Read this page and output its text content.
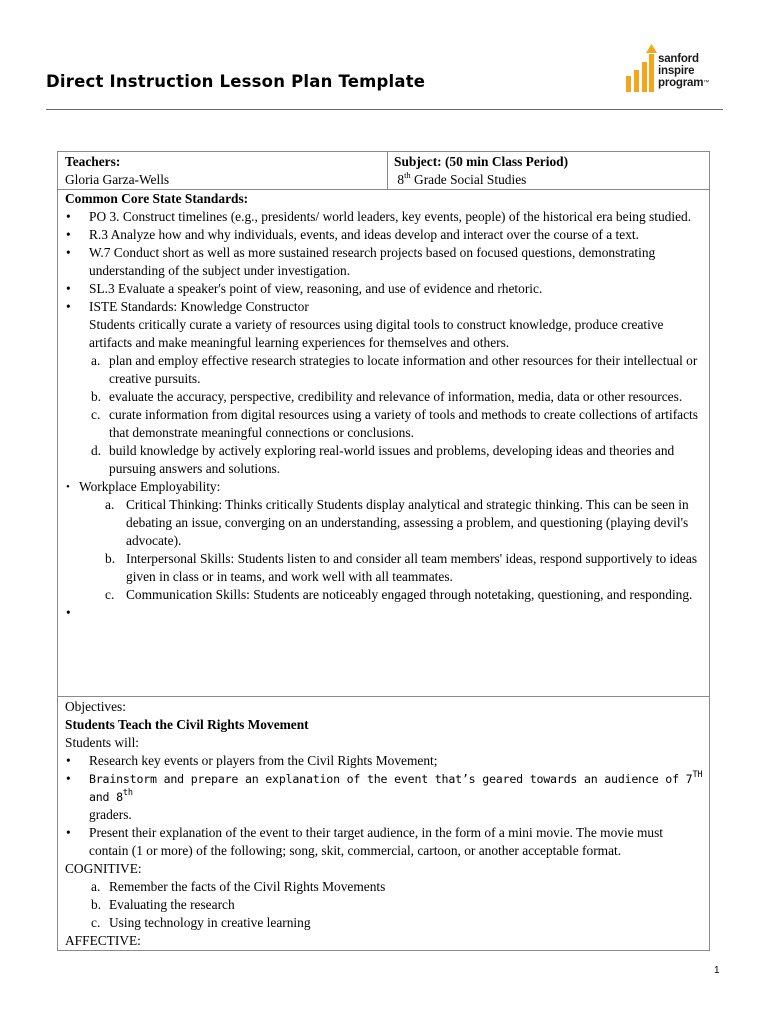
Direct Instruction Lesson Plan Template
sanford
inspire
program™
Teachers:
Gloria Garza-Wells
Subject: (50 min Class Period)
8th Grade Social Studies
Common Core State Standards:
• PO 3. Construct timelines (e.g., presidents/ world leaders, key events, people) of the historical era being studied.
• R.3 Analyze how and why individuals, events, and ideas develop and interact over the course of a text.
• W.7 Conduct short as well as more sustained research projects based on focused questions, demonstrating understanding of the subject under investigation.
• SL.3 Evaluate a speaker's point of view, reasoning, and use of evidence and rhetoric.
• ISTE Standards: Knowledge Constructor
Students critically curate a variety of resources using digital tools to construct knowledge, produce creative artifacts and make meaningful learning experiences for themselves and others.
a. plan and employ effective research strategies to locate information and other resources for their intellectual or creative pursuits.
b. evaluate the accuracy, perspective, credibility and relevance of information, media, data or other resources.
c. curate information from digital resources using a variety of tools and methods to create collections of artifacts that demonstrate meaningful connections or conclusions.
d. build knowledge by actively exploring real-world issues and problems, developing ideas and theories and pursuing answers and solutions.
• Workplace Employability:
a. Critical Thinking: Thinks critically Students display analytical and strategic thinking. This can be seen in debating an issue, converging on an understanding, assessing a problem, and questioning (playing devil's advocate).
b. Interpersonal Skills: Students listen to and consider all team members' ideas, respond supportively to ideas given in class or in teams, and work well with all teammates.
c. Communication Skills: Students are noticeably engaged through notetaking, questioning, and responding.
•
Objectives:
Students Teach the Civil Rights Movement
Students will:
• Research key events or players from the Civil Rights Movement;
• Brainstorm and prepare an explanation of the event that’s geared towards an audience of 7TH and 8th
graders.
• Present their explanation of the event to their target audience, in the form of a mini movie. The movie must contain (1 or more) of the following; song, skit, commercial, cartoon, or another acceptable format.
COGNITIVE:
a. Remember the facts of the Civil Rights Movements
b. Evaluating the research
c. Using technology in creative learning
AFFECTIVE:
1
